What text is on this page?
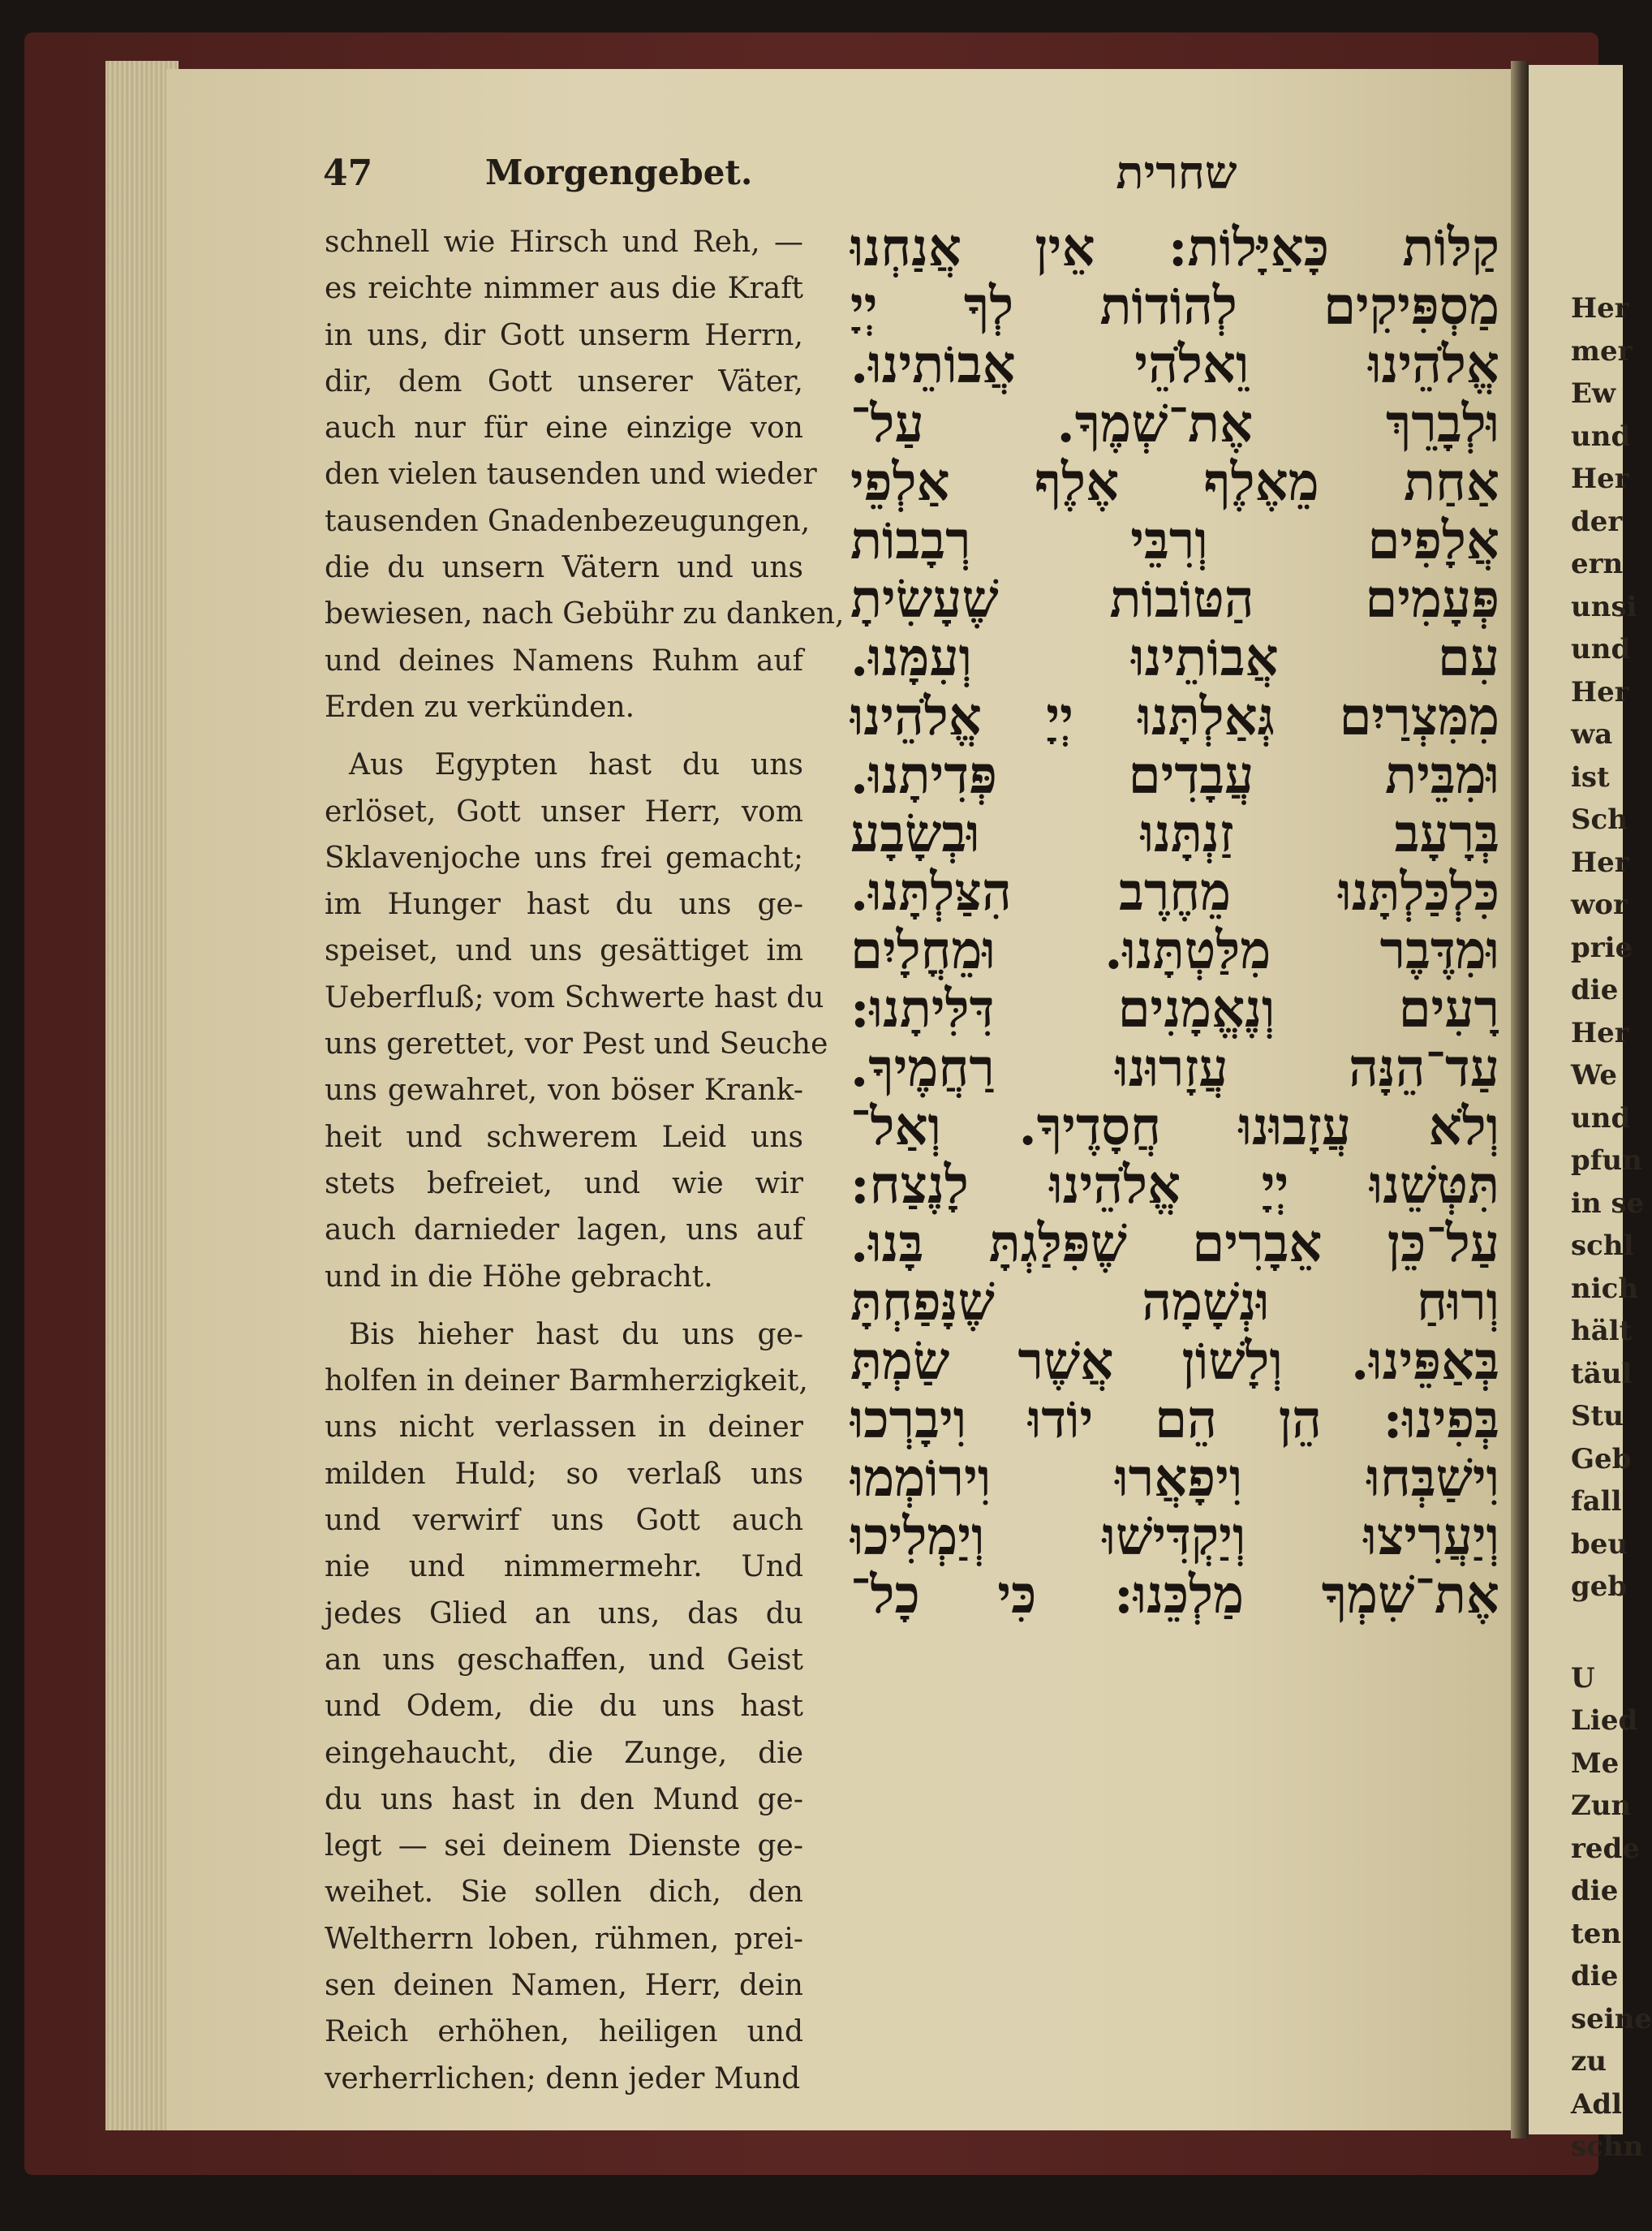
Her
mer
Ew
und
Her
der
ern
unsi
und
Her
wa
ist
Sch
Her
wor
prie
die
Her
We
und
pfun
in se
schl
nich
hält
täul
Stu
Geb
fall
beu
geb
U
Lied
Me
Zun
rede
die
ten
die
seine
zu
Adl
schn
47	Morgengebet.	שחרית
schnell wie Hirsch und Reh, —
es reichte nimmer aus die Kraft
in uns, dir Gott unserm Herrn,
dir, dem Gott unserer Väter,
auch nur für eine einzige von
den vielen tausenden und wieder
tausenden Gnadenbezeugungen,
die du unsern Vätern und uns
bewiesen, nach Gebühr zu danken,
und deines Namens Ruhm auf
Erden zu verkünden.
Aus Egypten hast du uns
erlöset, Gott unser Herr, vom
Sklavenjoche uns frei gemacht;
im Hunger hast du uns ge-
speiset, und uns gesättiget im
Ueberfluß; vom Schwerte hast du
uns gerettet, vor Pest und Seuche
uns gewahret, von böser Krank-
heit und schwerem Leid uns
stets befreiet, und wie wir
auch darnieder lagen, uns auf
und in die Höhe gebracht.
Bis hieher hast du uns ge-
holfen in deiner Barmherzigkeit,
uns nicht verlassen in deiner
milden Huld; so verlaß uns
und verwirf uns Gott auch
nie und nimmermehr. Und
jedes Glied an uns, das du
an uns geschaffen, und Geist
und Odem, die du uns hast
eingehaucht, die Zunge, die
du uns hast in den Mund ge-
legt — sei deinem Dienste ge-
weihet. Sie sollen dich, den
Weltherrn loben, rühmen, prei-
sen deinen Namen, Herr, dein
Reich erhöhen, heiligen und
verherrlichen; denn jeder Mund
קַלּוֹת כָּאַיָּלוֹת: אֵין אֲנַחְנוּ
מַסְפִּיקִים לְהוֹדוֹת לְךָ יְיָ
אֱלֹהֵינוּ וֵאלֹהֵי אֲבוֹתֵינוּ.
וּלְבָרֵךְ אֶת־שְׁמֶךָ. עַל־
אַחַת מֵאֶלֶף אֶלֶף אַלְפֵי
אֲלָפִים וְרִבֵּי רְבָבוֹת
פְּעָמִים הַטּוֹבוֹת שֶׁעָשִׂיתָ
עִם אֲבוֹתֵינוּ וְעִמָּנוּ.
מִמִּצְרַיִם גְּאַלְתָּנוּ יְיָ אֱלֹהֵינוּ
וּמִבֵּית עֲבָדִים פְּדִיתָנוּ.
בְּרָעָב זַנְתָּנוּ וּבְשָׂבָע
כִּלְכַּלְתָּנוּ מֵחֶרֶב הִצַּלְתָּנוּ.
וּמִדֶּבֶר מִלַּטְתָּנוּ. וּמֵחֳלָיִם
רָעִים וְנֶאֱמָנִים דִּלִּיתָנוּ:
עַד־הֵנָּה עֲזָרוּנוּ רַחֲמֶיךָ.
וְלֹא עֲזָבוּנוּ חֲסָדֶיךָ. וְאַל־
תִּטְּשֵׁנוּ יְיָ אֱלֹהֵינוּ לָנֶצַח:
עַל־כֵּן אֵבָרִים שֶׁפִּלַּגְתָּ בָּנוּ.
וְרוּחַ וּנְשָׁמָה שֶׁנָּפַחְתָּ
בְּאַפֵּינוּ. וְלָשׁוֹן אֲשֶׁר שַׂמְתָּ
בְּפִינוּ: הֵן הֵם יוֹדוּ וִיבָרְכוּ
וִישַׁבְּחוּ וִיפָאֲרוּ וִירוֹמְמוּ
וְיַעֲרִיצוּ וְיַקְדִּישׁוּ וְיַמְלִיכוּ
אֶת־שִׁמְךָ מַלְכֵּנוּ: כִּי כָל־
